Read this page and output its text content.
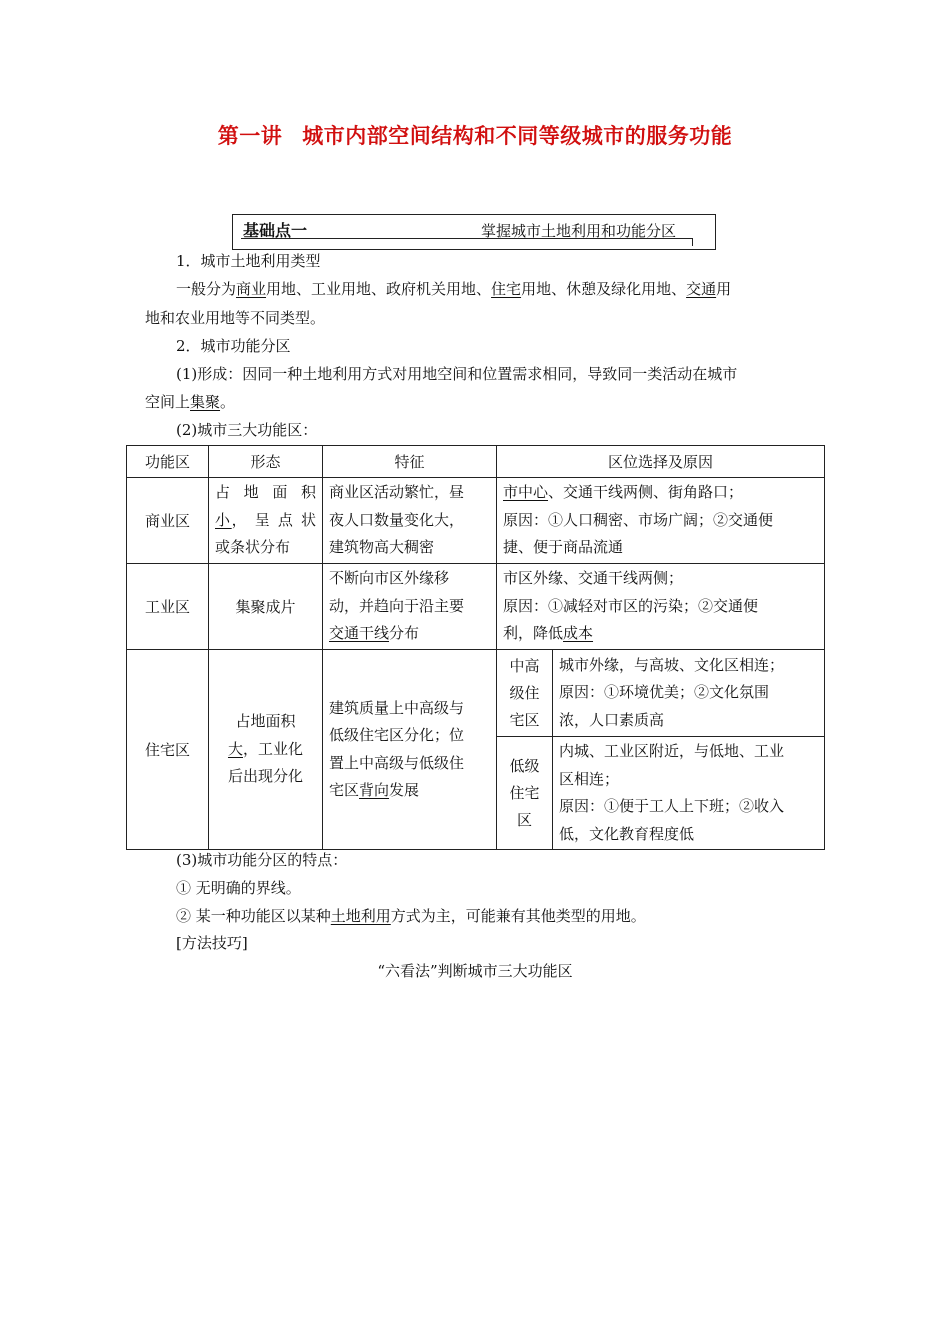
第一讲 城市内部空间结构和不同等级城市的服务功能
基础点一	掌握城市土地利用和功能分区
1．城市土地利用类型
一般分为商业用地、工业用地、政府机关用地、住宅用地、休憩及绿化用地、交通用
地和农业用地等不同类型。
2．城市功能分区
(1)形成：因同一种土地利用方式对用地空间和位置需求相同，导致同一类活动在城市
空间上集聚。
(2)城市三大功能区：
功能区	形态	特征	区位选择及原因	
商业区	占 地 面 积
小， 呈 点 状
或条状分布	商业区活动繁忙，昼
夜人口数量变化大，
建筑物高大稠密	市中心、交通干线两侧、街角路口；
原因：①人口稠密、市场广阔；②交通便
捷、便于商品流通	

工业区	集聚成片	不断向市区外缘移
动，并趋向于沿主要
交通干线分布	市区外缘、交通干线两侧；
原因：①减轻对市区的污染；②交通便
利，降低成本	

住宅区	占地面积
大，工业化
后出现分化	建筑质量上中高级与
低级住宅区分化；位
置上中高级与低级住
宅区背向发展	中高
级住
宅区	城市外缘，与高坡、文化区相连；
原因：①环境优美；②文化氛围
浓，人口素质高

			低级
住宅
区	内城、工业区附近，与低地、工业
区相连；
原因：①便于工人上下班；②收入
低，文化教育程度低
(3)城市功能分区的特点：
① 无明确的界线。
② 某一种功能区以某种土地利用方式为主，可能兼有其他类型的用地。
[方法技巧]
“六看法”判断城市三大功能区
